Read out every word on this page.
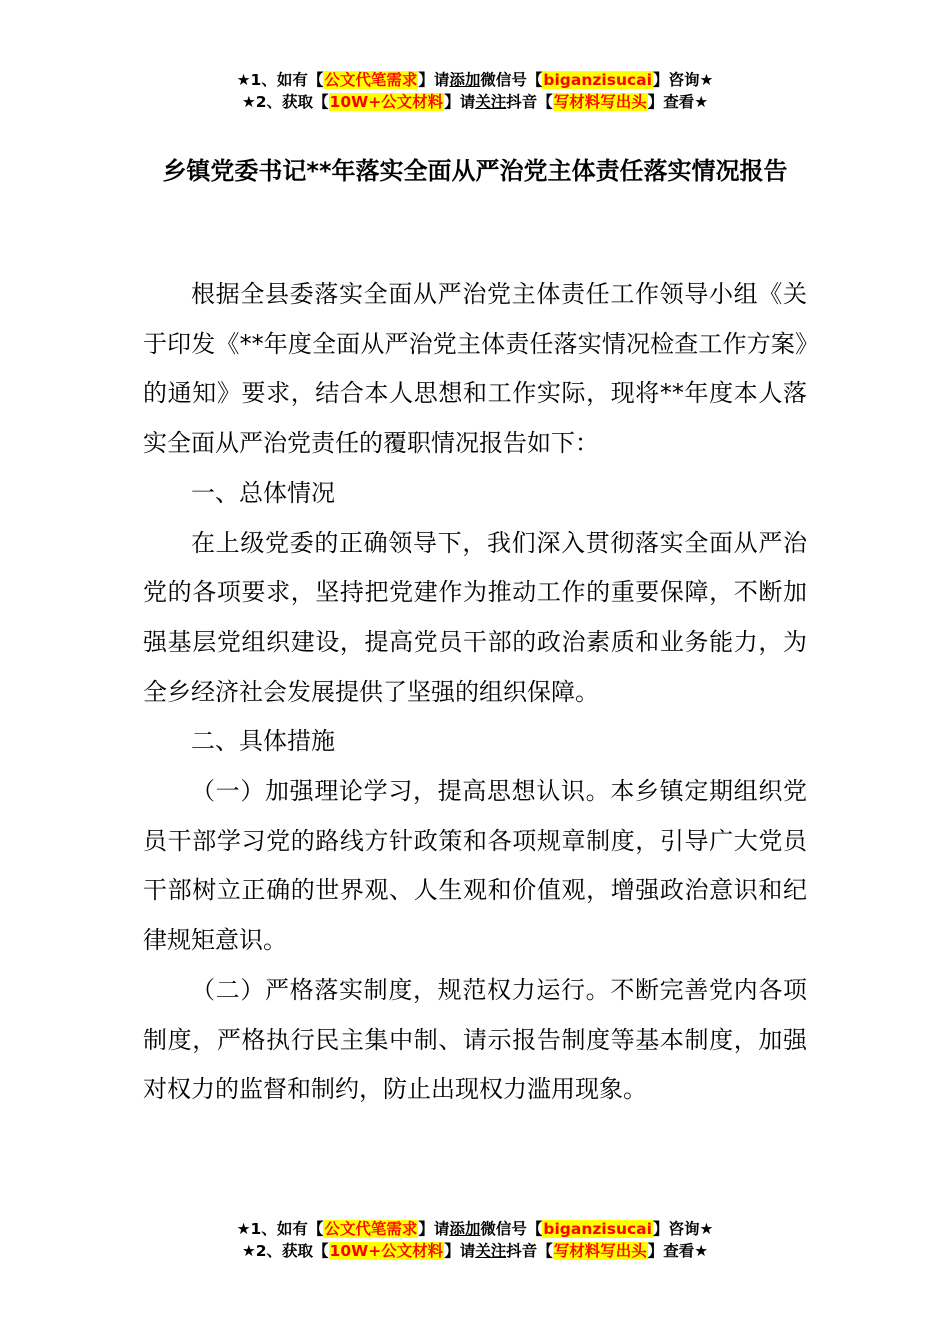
★1、如有【公文代笔需求】请添加微信号【biganzisucai】咨询★
★2、获取【10W+公文材料】请关注抖音【写材料写出头】查看★
乡镇党委书记**年落实全面从严治党主体责任落实情况报告

根据全县委落实全面从严治党主体责任工作领导小组《关于印发《**年度全面从严治党主体责任落实情况检查工作方案》的通知》要求，结合本人思想和工作实际，现将**年度本人落实全面从严治党责任的覆职情况报告如下：

一、总体情况

在上级党委的正确领导下，我们深入贯彻落实全面从严治党的各项要求，坚持把党建作为推动工作的重要保障，不断加强基层党组织建设，提高党员干部的政治素质和业务能力，为全乡经济社会发展提供了坚强的组织保障。

二、具体措施

（一）加强理论学习，提高思想认识。本乡镇定期组织党员干部学习党的路线方针政策和各项规章制度，引导广大党员干部树立正确的世界观、人生观和价值观，增强政治意识和纪律规矩意识。

（二）严格落实制度，规范权力运行。不断完善党内各项制度，严格执行民主集中制、请示报告制度等基本制度，加强对权力的监督和制约，防止出现权力滥用现象。

★1、如有【公文代笔需求】请添加微信号【biganzisucai】咨询★
★2、获取【10W+公文材料】请关注抖音【写材料写出头】查看★
